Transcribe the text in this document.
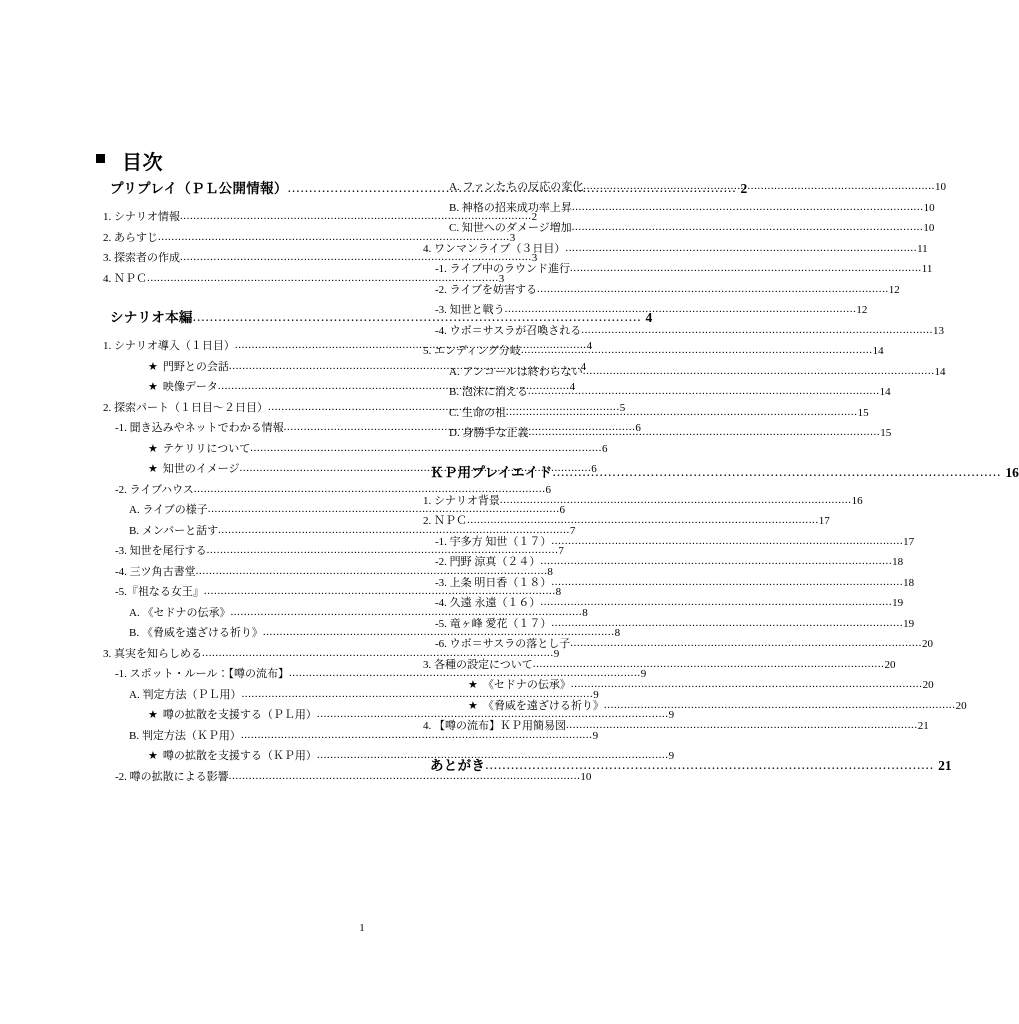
目次
プリプレイ（ＰＬ公開情報） .....	2
1. シナリオ情報 .....	2
2. あらすじ .....	3
3. 探索者の作成 .....	3
4. ＮＰＣ .....	3
シナリオ本編 .....	4
1. シナリオ導入（１日目） .....	4
★ 門野との会話 .....	4
★ 映像データ .....	4
2. 探索パート（１日目〜２日目） .....	5
-1. 聞き込みやネットでわかる情報 .....	6
★ テケリリについて .....	6
★ 知世のイメージ .....	6
-2. ライブハウス .....	6
A. ライブの様子 .....	6
B. メンバーと話す .....	7
-3. 知世を尾行する .....	7
-4. 三ツ角古書堂 .....	8
-5.『祖なる女王』 .....	8
A. 《セドナの伝承》 .....	8
B. 《脅威を遠ざける祈り》 .....	8
3. 真実を知らしめる .....	9
-1. スポット・ルール：【噂の流布】 .....	9
A. 判定方法（ＰＬ用） .....	9
★ 噂の拡散を支援する（ＰＬ用） .....	9
B. 判定方法（ＫＰ用） .....	9
★ 噂の拡散を支援する（ＫＰ用） .....	9
-2. 噂の拡散による影響 .....	10
A. ファンたちの反応の変化 .....	10
B. 神格の招来成功率上昇 .....	10
C. 知世へのダメージ増加 .....	10
4. ワンマンライブ（３日目） .....	11
-1. ライブ中のラウンド進行 .....	11
-2. ライブを妨害する .....	12
-3. 知世と戦う .....	12
-4. ウボ＝サスラが召喚される .....	13
5. エンディング分岐 .....	14
A. アンコールは終わらない .....	14
B. 泡沫に消える .....	14
C. 生命の祖 .....	15
D. 身勝手な正義 .....	15
ＫＰ用プレイエイド .....	16
1. シナリオ背景 .....	16
2. ＮＰＣ .....	17
-1. 宇多方 知世（１７） .....	17
-2. 門野 涼真（２４） .....	18
-3. 上条 明日香（１８） .....	18
-4. 久遠 永遠（１６） .....	19
-5. 竜ヶ峰 愛花（１７） .....	19
-6. ウボ＝サスラの落とし子 .....	20
3. 各種の設定について .....	20
★ 《セドナの伝承》 .....	20
★ 《脅威を遠ざける祈り》 .....	20
4. 【噂の流布】ＫＰ用簡易図 .....	21
あとがき .....	21
1
